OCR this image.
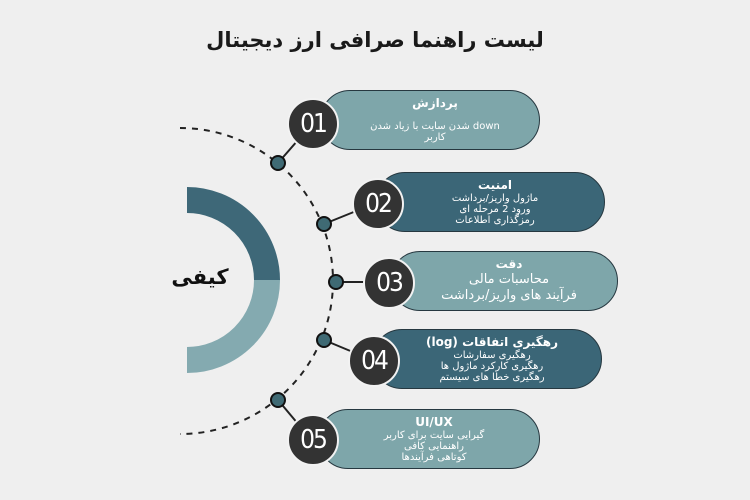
لیست راهنما صرافی ارز دیجیتال
کیفی
پردازش
down شدن سایت با زیاد شدن کاربر
01
امنیت
ماژول واریز/برداشت
ورود 2 مرحله ای
رمزگذاری اطلاعات
02
دقت
محاسبات مالی
فرآیند های واریز/برداشت
03
رهگیری اتفاقات (log)
رهگیری سفارشات
رهگیری کارکرد ماژول ها
رهگیری خطا های سیستم
04
UI/UX
گیرایی سایت برای کاربر
راهنمایی کافی
کوتاهی فرآیندها
05
